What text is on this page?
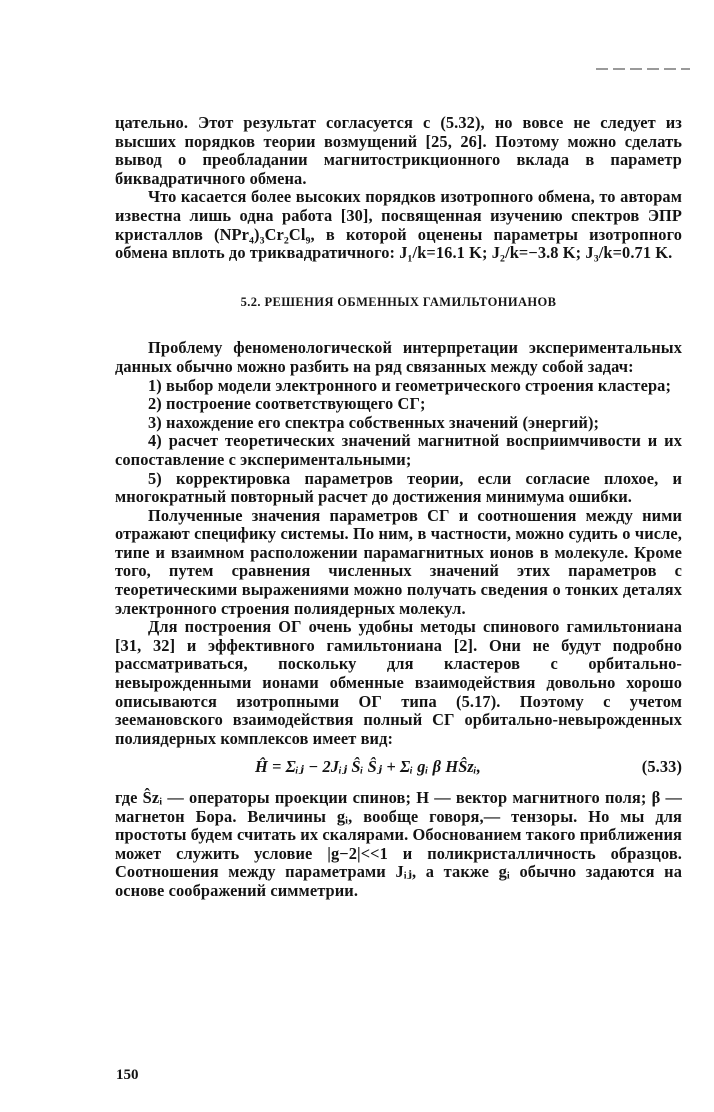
цательно. Этот результат согласуется с (5.32), но вовсе не следует из высших порядков теории возмущений [25, 26]. Поэтому можно сделать вывод о преобладании магнитострикционного вклада в параметр биквадратичного обмена.

Что касается более высоких порядков изотропного обмена, то авторам известна лишь одна работа [30], посвященная изучению спектров ЭПР кристаллов (NPr₄)₃Cr₂Cl₉, в которой оценены параметры изотропного обмена вплоть до триквадратичного: J₁/k=16.1 K; J₂/k=−3.8 K; J₃/k=0.71 K.

5.2. РЕШЕНИЯ ОБМЕННЫХ ГАМИЛЬТОНИАНОВ

Проблему феноменологической интерпретации экспериментальных данных обычно можно разбить на ряд связанных между собой задач:

1) выбор модели электронного и геометрического строения кластера;

2) построение соответствующего СГ;

3) нахождение его спектра собственных значений (энергий);

4) расчет теоретических значений магнитной восприимчивости и их сопоставление с экспериментальными;

5) корректировка параметров теории, если согласие плохое, и многократный повторный расчет до достижения минимума ошибки.

Полученные значения параметров СГ и соотношения между ними отражают специфику системы. По ним, в частности, можно судить о числе, типе и взаимном расположении парамагнитных ионов в молекуле. Кроме того, путем сравнения численных значений этих параметров с теоретическими выражениями можно получать сведения о тонких деталях электронного строения полиядерных молекул.

Для построения ОГ очень удобны методы спинового гамильтониана [31, 32] и эффективного гамильтониана [2]. Они не будут подробно рассматриваться, поскольку для кластеров с орбитально-невырожденными ионами обменные взаимодействия довольно хорошо описываются изотропными ОГ типа (5.17). Поэтому с учетом зеемановского взаимодействия полный СГ орбитально-невырожденных полиядерных комплексов имеет вид:

Ĥ = Σᵢⱼ − 2Jᵢⱼ Ŝᵢ Ŝⱼ + Σᵢ gᵢ β HŜzᵢ,	(5.33)

где Ŝzᵢ — операторы проекции спинов; H — вектор магнитного поля; β — магнетон Бора. Величины gᵢ, вообще говоря,— тензоры. Но мы для простоты будем считать их скалярами. Обоснованием такого приближения может служить условие |g−2|<<1 и поликристалличность образцов. Соотношения между параметрами Jᵢⱼ, а также gᵢ обычно задаются на основе соображений симметрии.

150
